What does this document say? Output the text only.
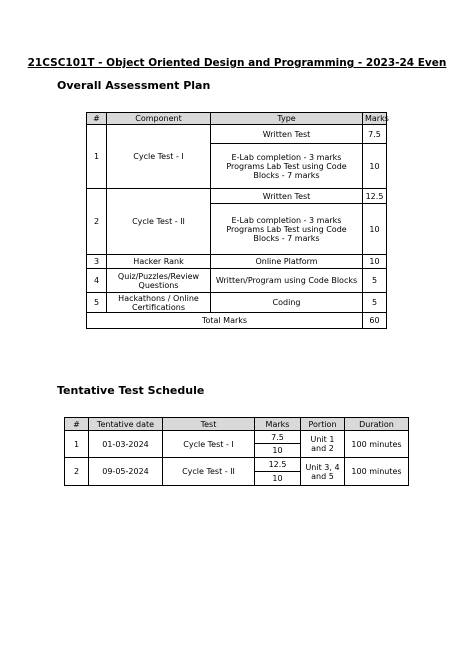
21CSC101T - Object Oriented Design and Programming - 2023-24 Even
Overall Assessment Plan
#	Component	Type	Marks
1	Cycle Test - I	Written Test	7.5
		E-Lab completion - 3 marks Programs Lab Test using Code Blocks - 7 marks	10
2	Cycle Test - II	Written Test	12.5
		E-Lab completion - 3 marks Programs Lab Test using Code Blocks - 7 marks	10
3	Hacker Rank	Online Platform	10
4	Quiz/Puzzles/Review Questions	Written/Program using Code Blocks	5
5	Hackathons / Online Certifications	Coding	5
Total Marks			60
Tentative Test Schedule
#	Tentative date	Test	Marks	Portion	Duration
1	01-03-2024	Cycle Test - I	7.5	Unit 1 and 2	100 minutes
			10		
2	09-05-2024	Cycle Test - II	12.5	Unit 3, 4 and 5	100 minutes
			10		
